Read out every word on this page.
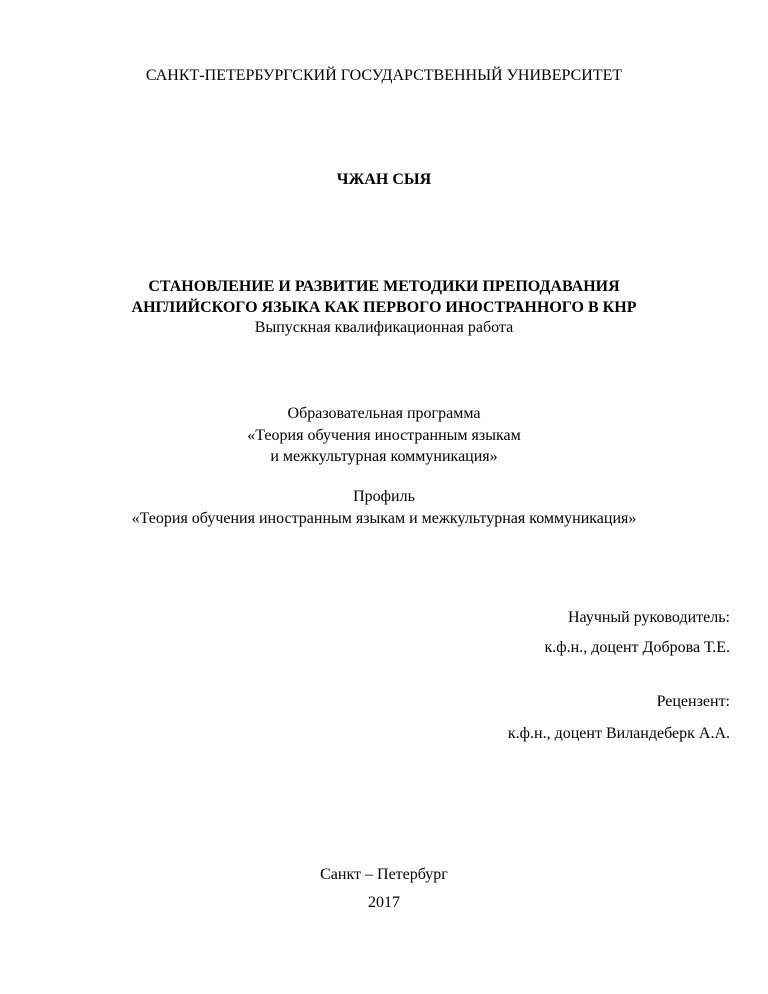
САНКТ-ПЕТЕРБУРГСКИЙ ГОСУДАРСТВЕННЫЙ УНИВЕРСИТЕТ
ЧЖАН СЫЯ
СТАНОВЛЕНИЕ И РАЗВИТИЕ МЕТОДИКИ ПРЕПОДАВАНИЯ
АНГЛИЙСКОГО ЯЗЫКА КАК ПЕРВОГО ИНОСТРАННОГО В КНР
Выпускная квалификационная работа
Образовательная программа
«Теория обучения иностранным языкам
и межкультурная коммуникация»
Профиль
«Теория обучения иностранным языкам и межкультурная коммуникация»
Научный руководитель:
к.ф.н., доцент Доброва Т.Е.
Рецензент:
к.ф.н., доцент Виландеберк А.А.
Санкт – Петербург
2017
